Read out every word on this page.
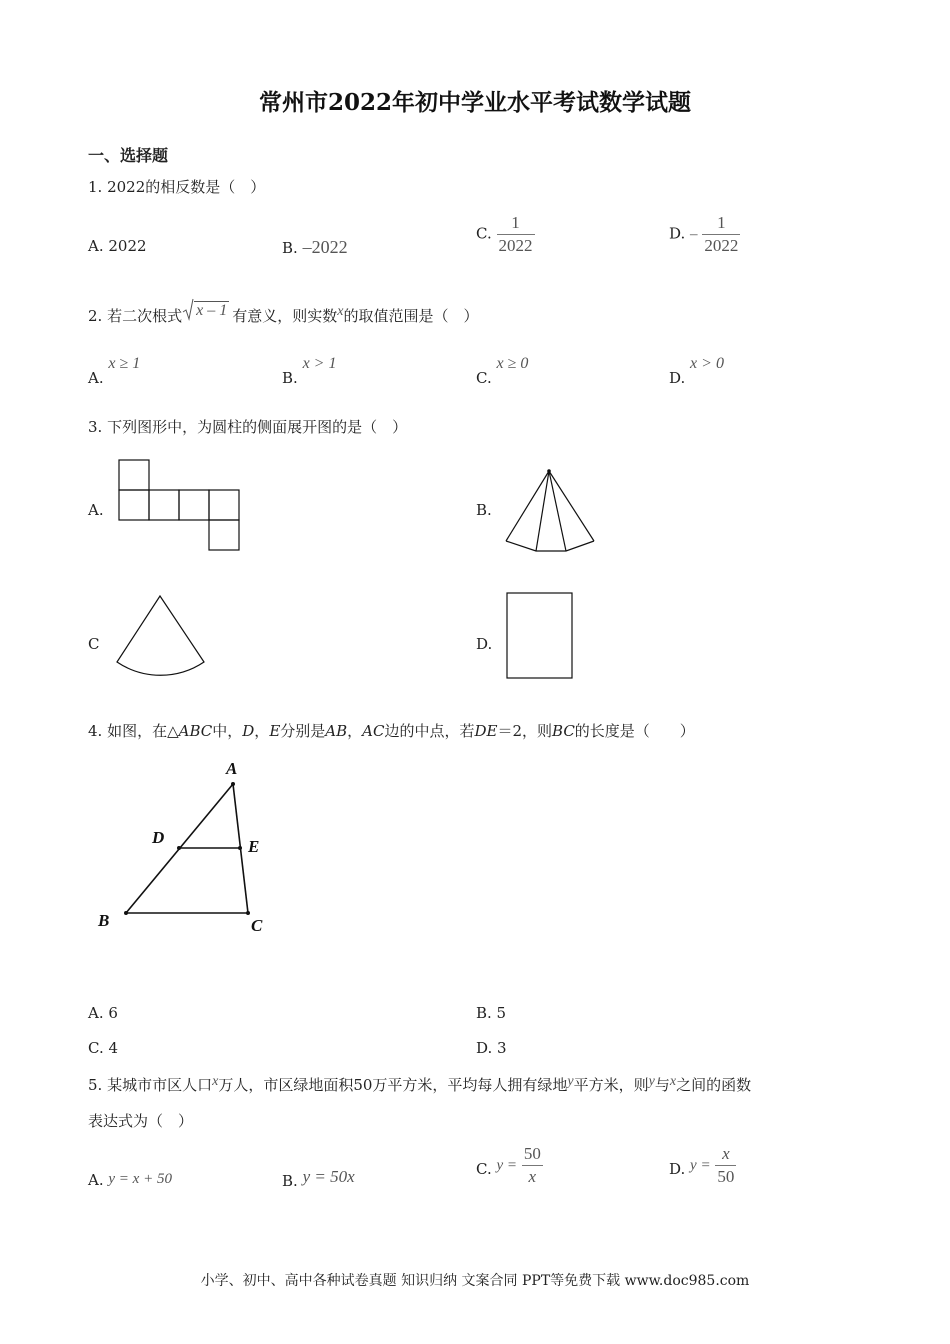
常州市2022年初中学业水平考试数学试题
一、选择题
1. 2022的相反数是（　）
A. 2022	B. –2022
C. $\frac{1}{2022}$	D. – $\frac{1}{2022}$
2. 若二次根式 x – 1 有意义，则实数x的取值范围是（　）
A. x ≥ 1
B. x > 1
C. x ≥ 0
D. x > 0
3. 下列图形中，为圆柱的侧面展开图的是（　）
A.	B.
C	D.
4. 如图，在△ABC中，D，E分别是AB，AC边的中点，若DE＝2，则BC的长度是（　　）
A
D	E
B	C
A. 6	B. 5
C. 4	D. 3
5. 某城市市区人口x万人，市区绿地面积50万平方米，平均每人拥有绿地y平方米，则y与x之间的函数
表达式为（　）
A. y = x + 50	B. y = 50x	C. $y = \frac{50}{x}$	D. $y = \frac{x}{50}$
小学、初中、高中各种试卷真题 知识归纳 文案合同 PPT等免费下载 www.doc985.com
